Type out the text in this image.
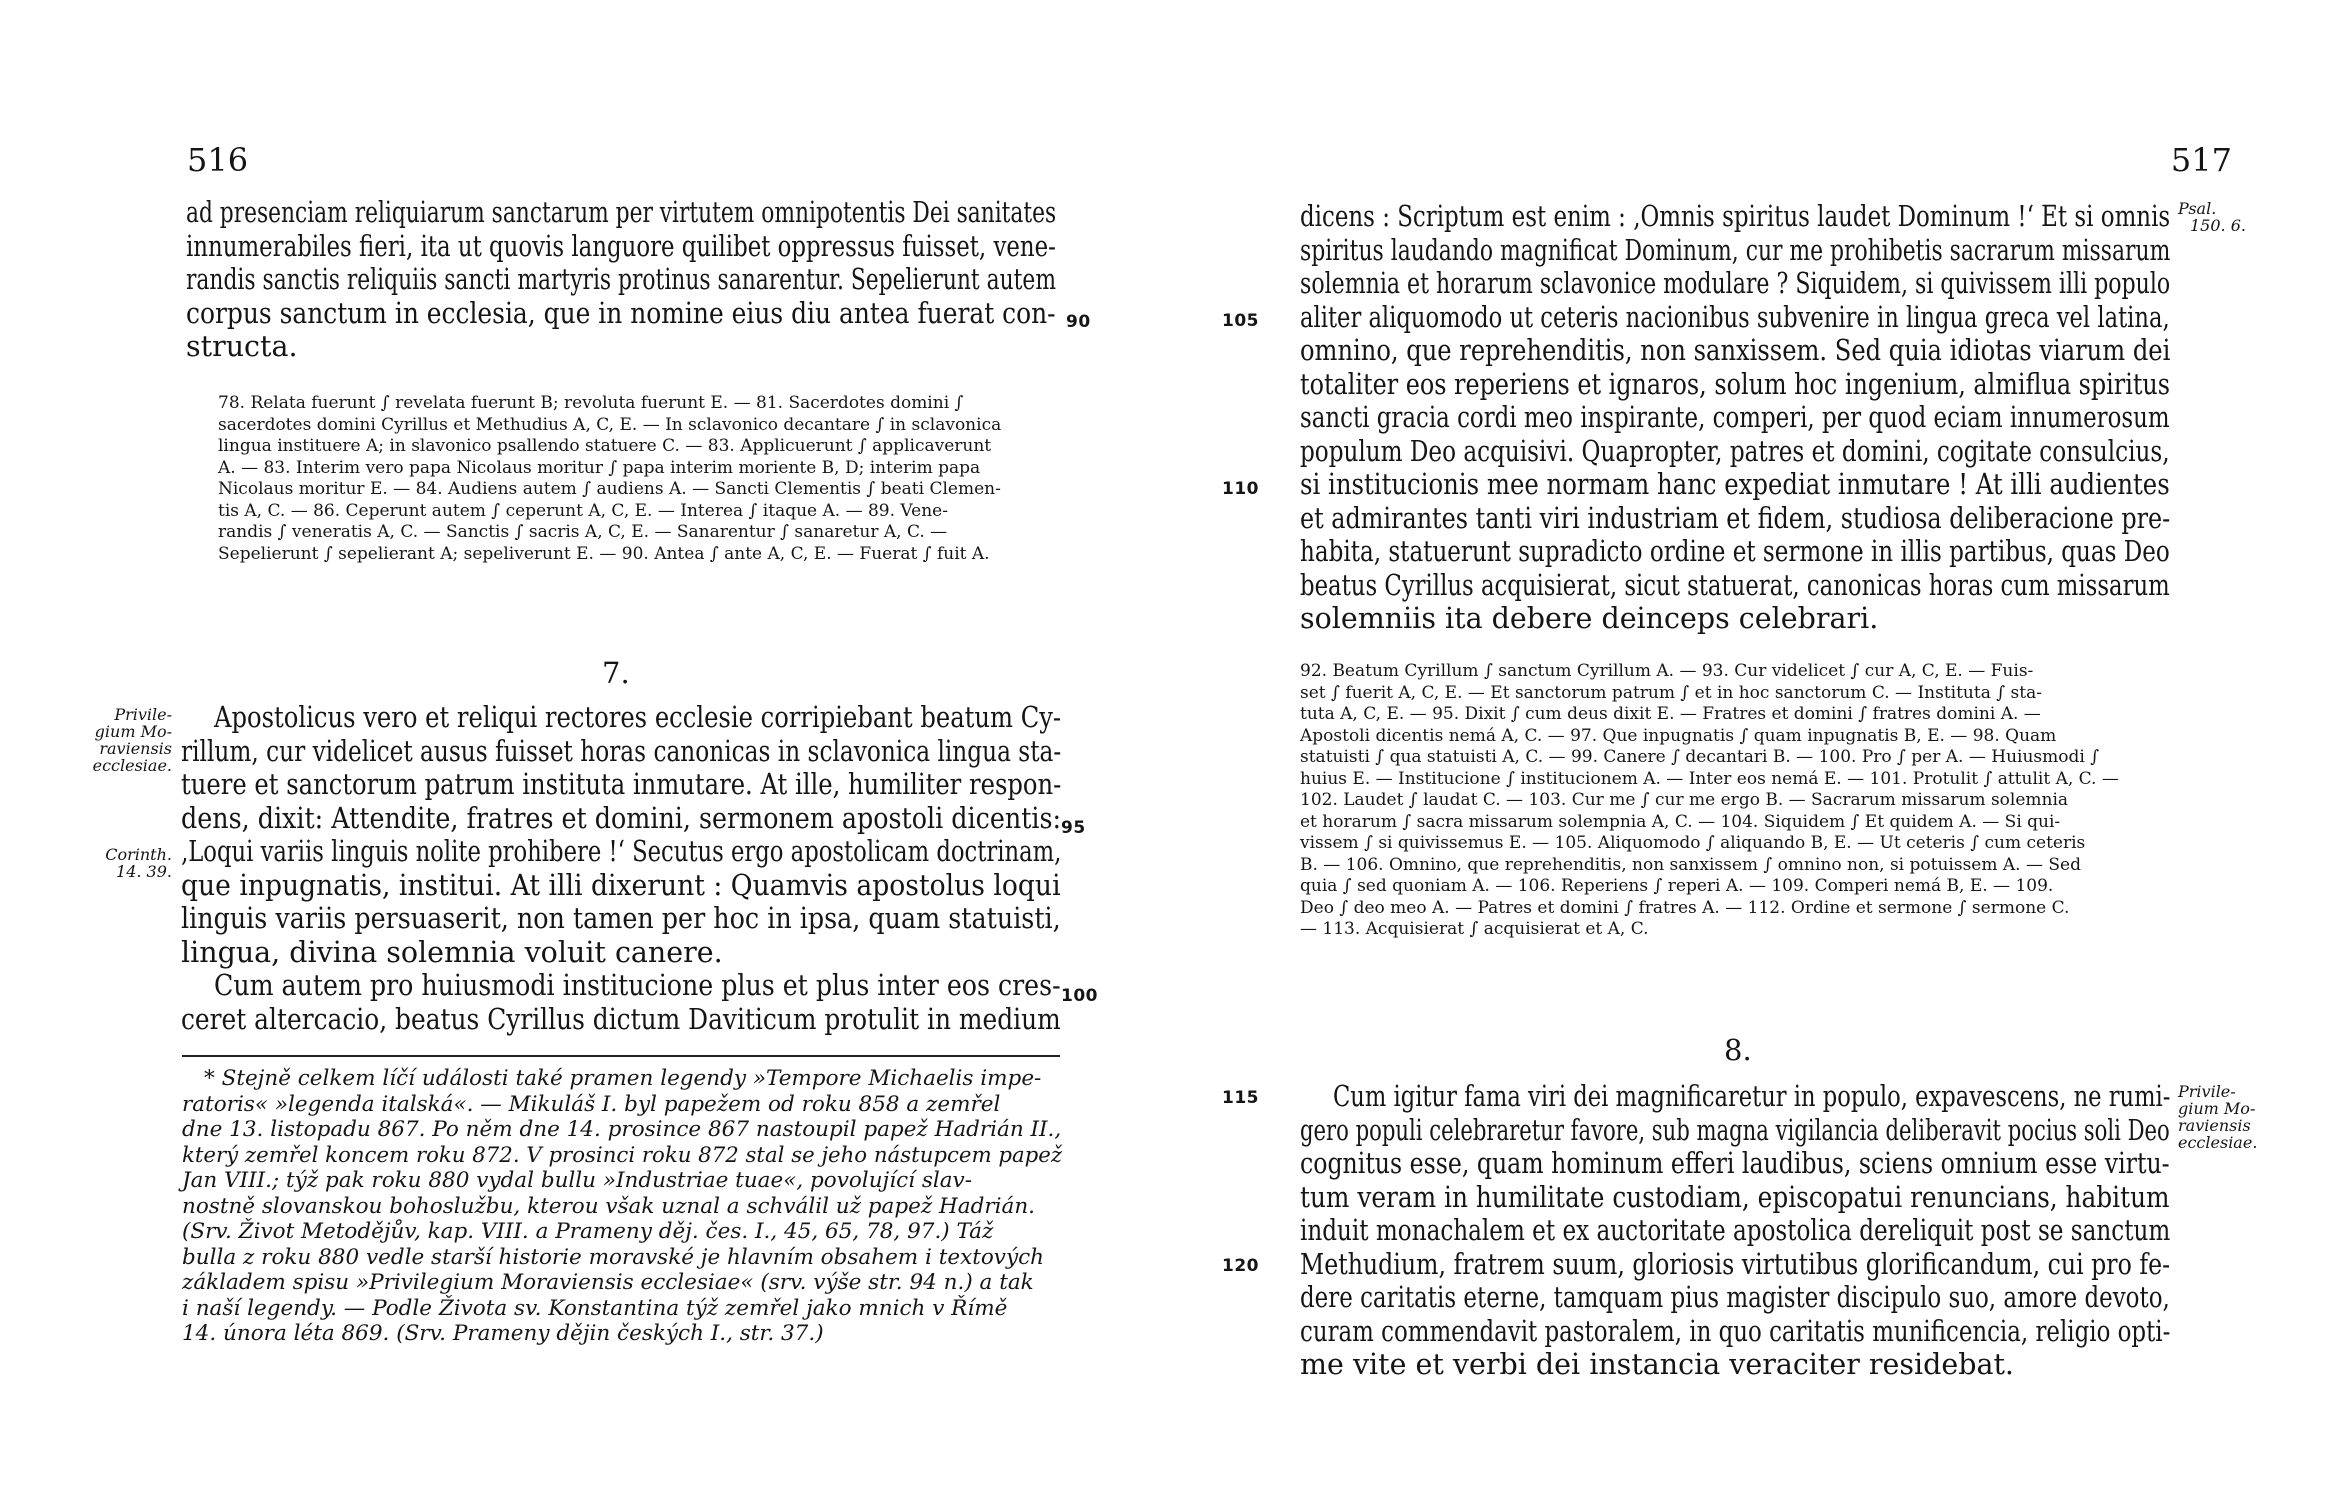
516
ad presenciam reliquiarum sanctarum per virtutem omnipotentis Dei sanitates
innumerabiles fieri, ita ut quovis languore quilibet oppressus fuisset, vene-
randis sanctis reliquiis sancti martyris protinus sanarentur. Sepelierunt autem
corpus sanctum in ecclesia, que in nomine eius diu antea fuerat con-
structa.
90
78. Relata fuerunt ∫ revelata fuerunt B; revoluta fuerunt E. — 81. Sacerdotes domini ∫
sacerdotes domini Cyrillus et Methudius A, C, E. — In sclavonico decantare ∫ in sclavonica
lingua instituere A; in slavonico psallendo statuere C. — 83. Applicuerunt ∫ applicaverunt
A. — 83. Interim vero papa Nicolaus moritur ∫ papa interim moriente B, D; interim papa
Nicolaus moritur E. — 84. Audiens autem ∫ audiens A. — Sancti Clementis ∫ beati Clemen-
tis A, C. — 86. Ceperunt autem ∫ ceperunt A, C, E. — Interea ∫ itaque A. — 89. Vene-
randis ∫ veneratis A, C. — Sanctis ∫ sacris A, C, E. — Sanarentur ∫ sanaretur A, C. —
Sepelierunt ∫ sepelierant A; sepeliverunt E. — 90. Antea ∫ ante A, C, E. — Fuerat ∫ fuit A.
7.
Privile-
gium Mo-
raviensis
ecclesiae.
Corinth.
14. 39.
Apostolicus vero et reliqui rectores ecclesie corripiebant beatum Cy-
rillum, cur videlicet ausus fuisset horas canonicas in sclavonica lingua sta-
tuere et sanctorum patrum instituta inmutare. At ille, humiliter respon-
dens, dixit: Attendite, fratres et domini, sermonem apostoli dicentis:
‚Loqui variis linguis nolite prohibere !‘ Secutus ergo apostolicam doctrinam,
que inpugnatis, institui. At illi dixerunt : Quamvis apostolus loqui
linguis variis persuaserit, non tamen per hoc in ipsa, quam statuisti,
lingua, divina solemnia voluit canere.
Cum autem pro huiusmodi institucione plus et plus inter eos cres-
ceret altercacio, beatus Cyrillus dictum Daviticum protulit in medium
95
100
* Stejně celkem líčí události také pramen legendy »Tempore Michaelis impe-
ratoris« »legenda italská«. — Mikuláš I. byl papežem od roku 858 a zemřel
dne 13. listopadu 867. Po něm dne 14. prosince 867 nastoupil papež Hadrián II.,
který zemřel koncem roku 872. V prosinci roku 872 stal se jeho nástupcem papež
Jan VIII.; týž pak roku 880 vydal bullu »Industriae tuae«, povolující slav-
nostně slovanskou bohoslužbu, kterou však uznal a schválil už papež Hadrián.
(Srv. Život Metodějův, kap. VIII. a Prameny děj. čes. I., 45, 65, 78, 97.) Táž
bulla z roku 880 vedle starší historie moravské je hlavním obsahem i textových
základem spisu »Privilegium Moraviensis ecclesiae« (srv. výše str. 94 n.) a tak
i naší legendy. — Podle Života sv. Konstantina týž zemřel jako mnich v Římě
14. února léta 869. (Srv. Prameny dějin českých I., str. 37.)
517
Psal.
150. 6.
dicens : Scriptum est enim : ‚Omnis spiritus laudet Dominum !‘ Et si omnis
spiritus laudando magnificat Dominum, cur me prohibetis sacrarum missarum
solemnia et horarum sclavonice modulare ? Siquidem, si quivissem illi populo
aliter aliquomodo ut ceteris nacionibus subvenire in lingua greca vel latina,
omnino, que reprehenditis, non sanxissem. Sed quia idiotas viarum dei
totaliter eos reperiens et ignaros, solum hoc ingenium, almiflua spiritus
sancti gracia cordi meo inspirante, comperi, per quod eciam innumerosum
populum Deo acquisivi. Quapropter, patres et domini, cogitate consulcius,
si institucionis mee normam hanc expediat inmutare ! At illi audientes
et admirantes tanti viri industriam et fidem, studiosa deliberacione pre-
habita, statuerunt supradicto ordine et sermone in illis partibus, quas Deo
beatus Cyrillus acquisierat, sicut statuerat, canonicas horas cum missarum
solemniis ita debere deinceps celebrari.
105
110
92. Beatum Cyrillum ∫ sanctum Cyrillum A. — 93. Cur videlicet ∫ cur A, C, E. — Fuis-
set ∫ fuerit A, C, E. — Et sanctorum patrum ∫ et in hoc sanctorum C. — Instituta ∫ sta-
tuta A, C, E. — 95. Dixit ∫ cum deus dixit E. — Fratres et domini ∫ fratres domini A. —
Apostoli dicentis nemá A, C. — 97. Que inpugnatis ∫ quam inpugnatis B, E. — 98. Quam
statuisti ∫ qua statuisti A, C. — 99. Canere ∫ decantari B. — 100. Pro ∫ per A. — Huiusmodi ∫
huius E. — Institucione ∫ institucionem A. — Inter eos nemá E. — 101. Protulit ∫ attulit A, C. —
102. Laudet ∫ laudat C. — 103. Cur me ∫ cur me ergo B. — Sacrarum missarum solemnia
et horarum ∫ sacra missarum solempnia A, C. — 104. Siquidem ∫ Et quidem A. — Si qui-
vissem ∫ si quivissemus E. — 105. Aliquomodo ∫ aliquando B, E. — Ut ceteris ∫ cum ceteris
B. — 106. Omnino, que reprehenditis, non sanxissem ∫ omnino non, si potuissem A. — Sed
quia ∫ sed quoniam A. — 106. Reperiens ∫ reperi A. — 109. Comperi nemá B, E. — 109.
Deo ∫ deo meo A. — Patres et domini ∫ fratres A. — 112. Ordine et sermone ∫ sermone C.
— 113. Acquisierat ∫ acquisierat et A, C.
8.
Cum igitur fama viri dei magnificaretur in populo, expavescens, ne rumi-
gero populi celebraretur favore, sub magna vigilancia deliberavit pocius soli Deo
cognitus esse, quam hominum efferi laudibus, sciens omnium esse virtu-
tum veram in humilitate custodiam, episcopatui renuncians, habitum
induit monachalem et ex auctoritate apostolica dereliquit post se sanctum
Methudium, fratrem suum, gloriosis virtutibus glorificandum, cui pro fe-
dere caritatis eterne, tamquam pius magister discipulo suo, amore devoto,
curam commendavit pastoralem, in quo caritatis munificencia, religio opti-
me vite et verbi dei instancia veraciter residebat.
115
120
Privile-
gium Mo-
raviensis
ecclesiae.
